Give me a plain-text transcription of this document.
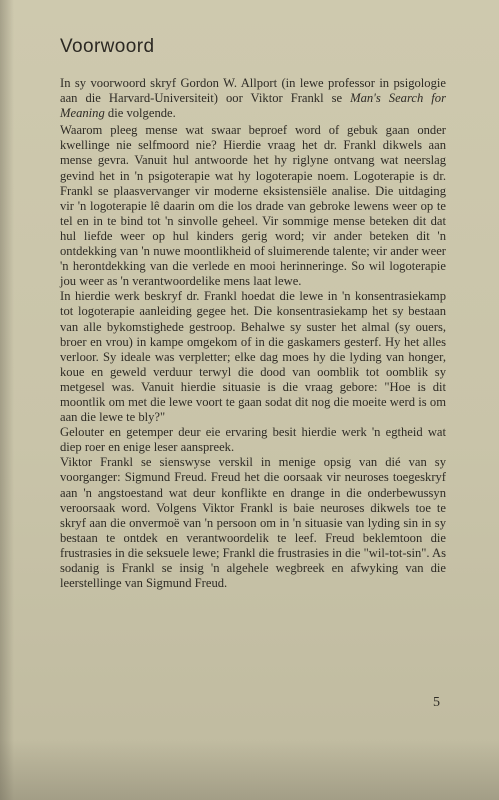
Voorwoord

In sy voorwoord skryf Gordon W. Allport (in lewe professor in psigologie aan die Harvard-Universiteit) oor Viktor Frankl se Man's Search for Meaning die volgende.

Waarom pleeg mense wat swaar beproef word of gebuk gaan onder kwellinge nie selfmoord nie? Hierdie vraag het dr. Frankl dikwels aan mense gevra. Vanuit hul antwoorde het hy riglyne ontvang wat neerslag gevind het in 'n psigoterapie wat hy logoterapie noem. Logoterapie is dr. Frankl se plaasvervanger vir moderne eksistensiële analise. Die uitdaging vir 'n logoterapie lê daarin om die los drade van gebroke lewens weer op te tel en in te bind tot 'n sinvolle geheel. Vir sommige mense beteken dit dat hul liefde weer op hul kinders gerig word; vir ander beteken dit 'n ontdekking van 'n nuwe moontlikheid of sluimerende talente; vir ander weer 'n herontdekking van die verlede en mooi herinneringe. So wil logoterapie jou weer as 'n verantwoordelike mens laat lewe.

In hierdie werk beskryf dr. Frankl hoedat die lewe in 'n konsentrasiekamp tot logoterapie aanleiding gegee het. Die konsentrasiekamp het sy bestaan van alle bykomstighede gestroop. Behalwe sy suster het almal (sy ouers, broer en vrou) in kampe omgekom of in die gaskamers gesterf. Hy het alles verloor. Sy ideale was verpletter; elke dag moes hy die lyding van honger, koue en geweld verduur terwyl die dood van oomblik tot oomblik sy metgesel was. Vanuit hierdie situasie is die vraag gebore: "Hoe is dit moontlik om met die lewe voort te gaan sodat dit nog die moeite werd is om aan die lewe te bly?"

Gelouter en getemper deur eie ervaring besit hierdie werk 'n egtheid wat diep roer en enige leser aanspreek.

Viktor Frankl se sienswyse verskil in menige opsig van dié van sy voorganger: Sigmund Freud. Freud het die oorsaak vir neuroses toegeskryf aan 'n angstoestand wat deur konflikte en drange in die onderbewussyn veroorsaak word. Volgens Viktor Frankl is baie neuroses dikwels toe te skryf aan die onvermoë van 'n persoon om in 'n situasie van lyding sin in sy bestaan te ontdek en verantwoordelik te leef. Freud beklemtoon die frustrasies in die seksuele lewe; Frankl die frustrasies in die "wil-tot-sin". As sodanig is Frankl se insig 'n algehele wegbreek en afwyking van die leerstellinge van Sigmund Freud.

5
